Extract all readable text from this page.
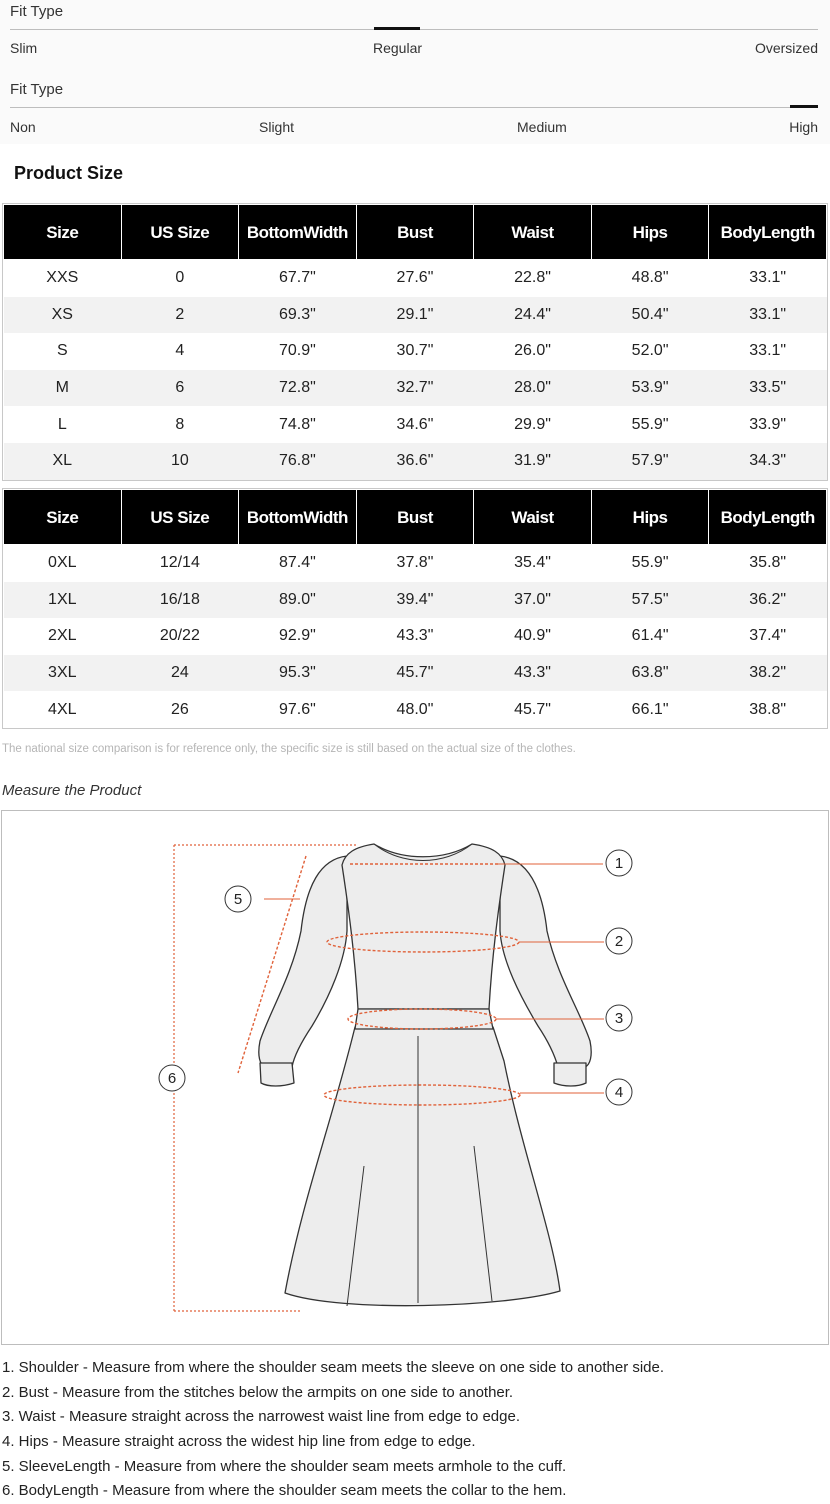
Fit Type
Slim	Regular	Oversized
Fit Type
Non	Slight	Medium	High
Product Size
Size	US Size	BottomWidth	Bust	Waist	Hips	BodyLength
XXS	0	67.7"	27.6"	22.8"	48.8"	33.1"
XS	2	69.3"	29.1"	24.4"	50.4"	33.1"
S	4	70.9"	30.7"	26.0"	52.0"	33.1"
M	6	72.8"	32.7"	28.0"	53.9"	33.5"
L	8	74.8"	34.6"	29.9"	55.9"	33.9"
XL	10	76.8"	36.6"	31.9"	57.9"	34.3"
Size	US Size	BottomWidth	Bust	Waist	Hips	BodyLength
0XL	12/14	87.4"	37.8"	35.4"	55.9"	35.8"
1XL	16/18	89.0"	39.4"	37.0"	57.5"	36.2"
2XL	20/22	92.9"	43.3"	40.9"	61.4"	37.4"
3XL	24	95.3"	45.7"	43.3"	63.8"	38.2"
4XL	26	97.6"	48.0"	45.7"	66.1"	38.8"
The national size comparison is for reference only, the specific size is still based on the actual size of the clothes.
Measure the Product
1
2
3
4
5
6
1. Shoulder - Measure from where the shoulder seam meets the sleeve on one side to another side.
2. Bust - Measure from the stitches below the armpits on one side to another.
3. Waist - Measure straight across the narrowest waist line from edge to edge.
4. Hips - Measure straight across the widest hip line from edge to edge.
5. SleeveLength - Measure from where the shoulder seam meets armhole to the cuff.
6. BodyLength - Measure from where the shoulder seam meets the collar to the hem.
